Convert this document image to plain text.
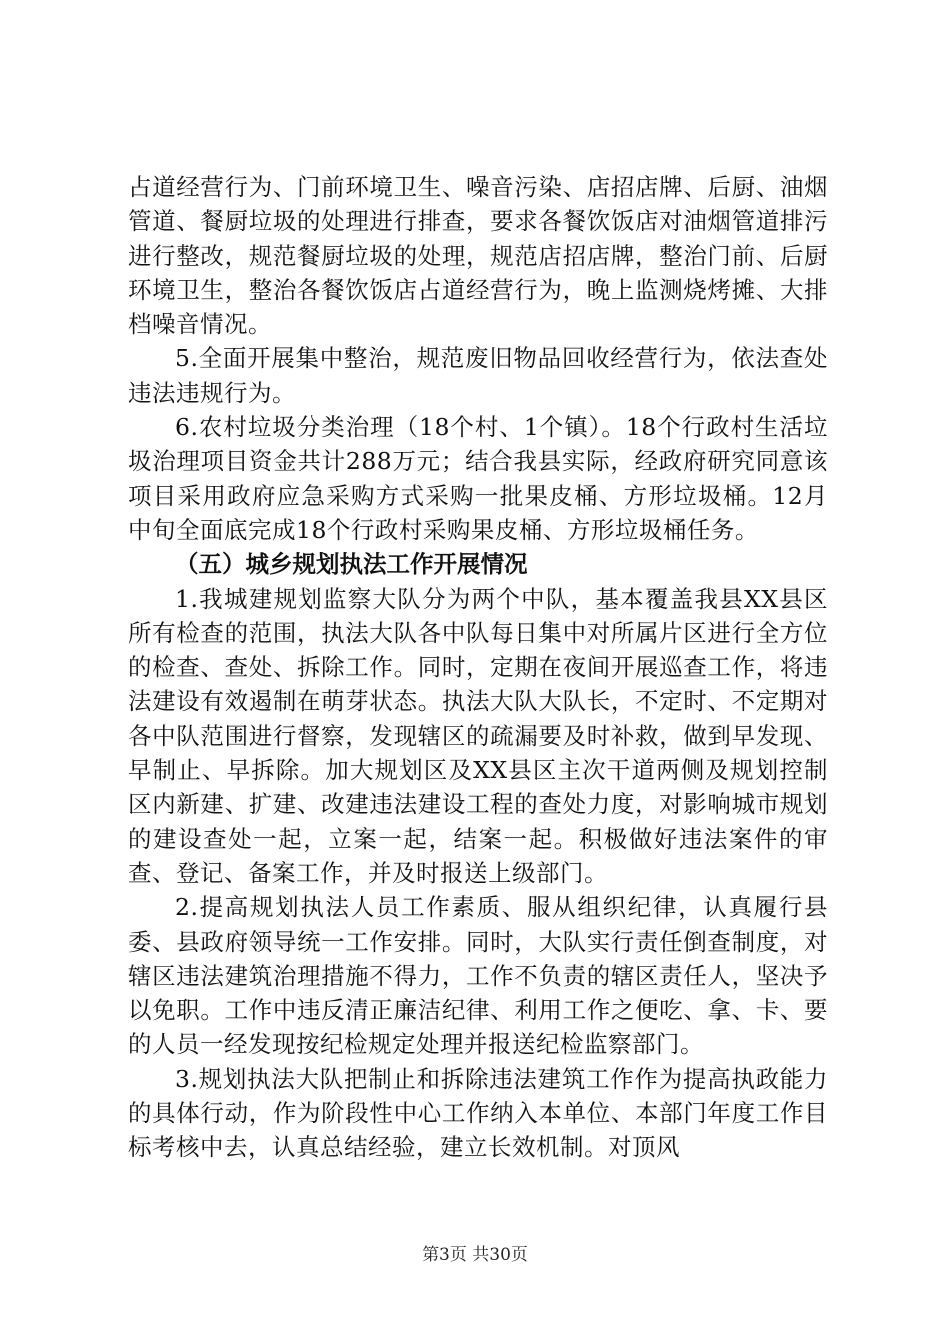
占道经营行为、门前环境卫生、噪音污染、店招店牌、后厨、油烟管道、餐厨垃圾的处理进行排查，要求各餐饮饭店对油烟管道排污进行整改，规范餐厨垃圾的处理，规范店招店牌，整治门前、后厨环境卫生，整治各餐饮饭店占道经营行为，晚上监测烧烤摊、大排档噪音情况。

5.全面开展集中整治，规范废旧物品回收经营行为，依法查处违法违规行为。

6.农村垃圾分类治理（18个村、1个镇）。18个行政村生活垃圾治理项目资金共计288万元；结合我县实际，经政府研究同意该项目采用政府应急采购方式采购一批果皮桶、方形垃圾桶。12月中旬全面底完成18个行政村采购果皮桶、方形垃圾桶任务。

（五）城乡规划执法工作开展情况

1.我城建规划监察大队分为两个中队，基本覆盖我县XX县区所有检查的范围，执法大队各中队每日集中对所属片区进行全方位的检查、查处、拆除工作。同时，定期在夜间开展巡查工作，将违法建设有效遏制在萌芽状态。执法大队大队长，不定时、不定期对各中队范围进行督察，发现辖区的疏漏要及时补救，做到早发现、早制止、早拆除。加大规划区及XX县区主次干道两侧及规划控制区内新建、扩建、改建违法建设工程的查处力度，对影响城市规划的建设查处一起，立案一起，结案一起。积极做好违法案件的审查、登记、备案工作，并及时报送上级部门。

2.提高规划执法人员工作素质、服从组织纪律，认真履行县委、县政府领导统一工作安排。同时，大队实行责任倒查制度，对辖区违法建筑治理措施不得力，工作不负责的辖区责任人，坚决予以免职。工作中违反清正廉洁纪律、利用工作之便吃、拿、卡、要的人员一经发现按纪检规定处理并报送纪检监察部门。

3.规划执法大队把制止和拆除违法建筑工作作为提高执政能力的具体行动，作为阶段性中心工作纳入本单位、本部门年度工作目标考核中去，认真总结经验，建立长效机制。对顶风

第3页 共30页
